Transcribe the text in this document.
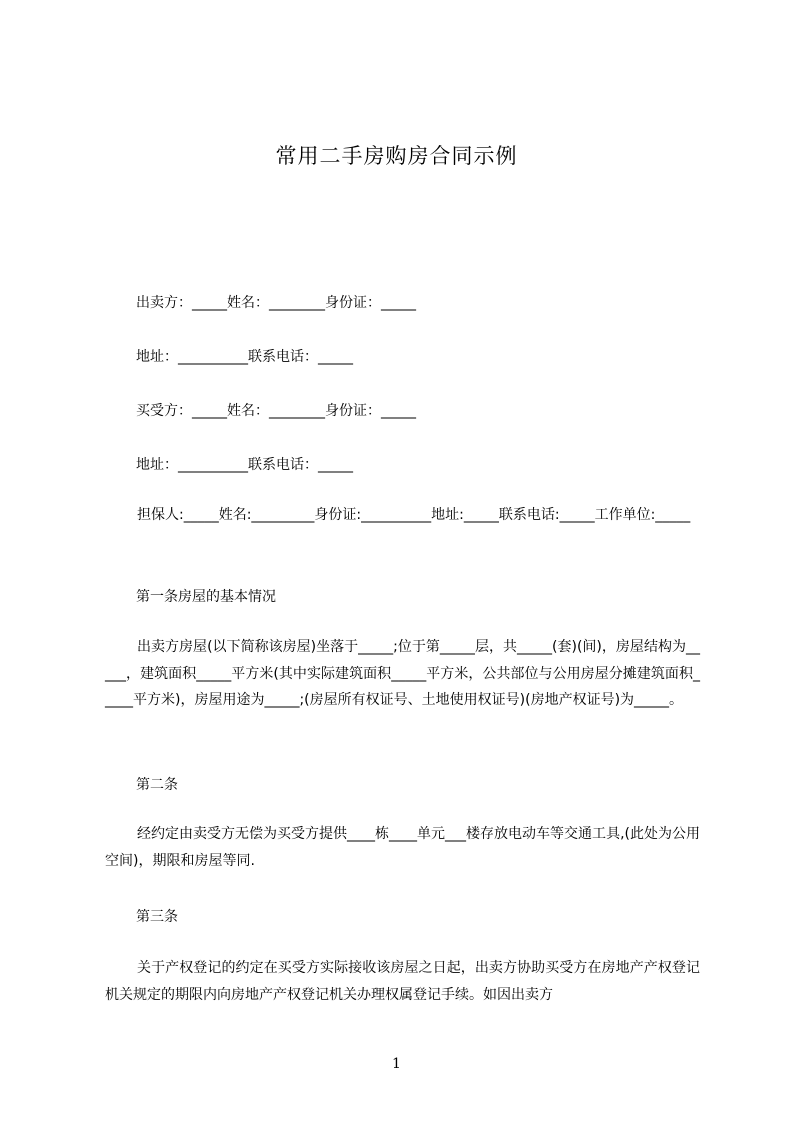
常用二手房购房合同示例
出卖方：_____姓名：________身份证：_____
地址：__________联系电话：_____
买受方：_____姓名：________身份证：_____
地址：__________联系电话：_____
担保人:_____姓名:_________身份证:__________地址:_____联系电话:_____工作单位:_____
第一条房屋的基本情况
出卖方房屋(以下简称该房屋)坐落于_____;位于第_____层，共_____(套)(间)，房屋结构为_____，建筑面积_____平方米(其中实际建筑面积_____平方米，公共部位与公用房屋分摊建筑面积_____平方米)，房屋用途为_____;(房屋所有权证号、土地使用权证号)(房地产权证号)为_____。
第二条
经约定由卖受方无偿为买受方提供____栋____单元___楼存放电动车等交通工具,(此处为公用空间)，期限和房屋等同.
第三条
关于产权登记的约定在买受方实际接收该房屋之日起，出卖方协助买受方在房地产产权登记机关规定的期限内向房地产产权登记机关办理权属登记手续。如因出卖方
1
